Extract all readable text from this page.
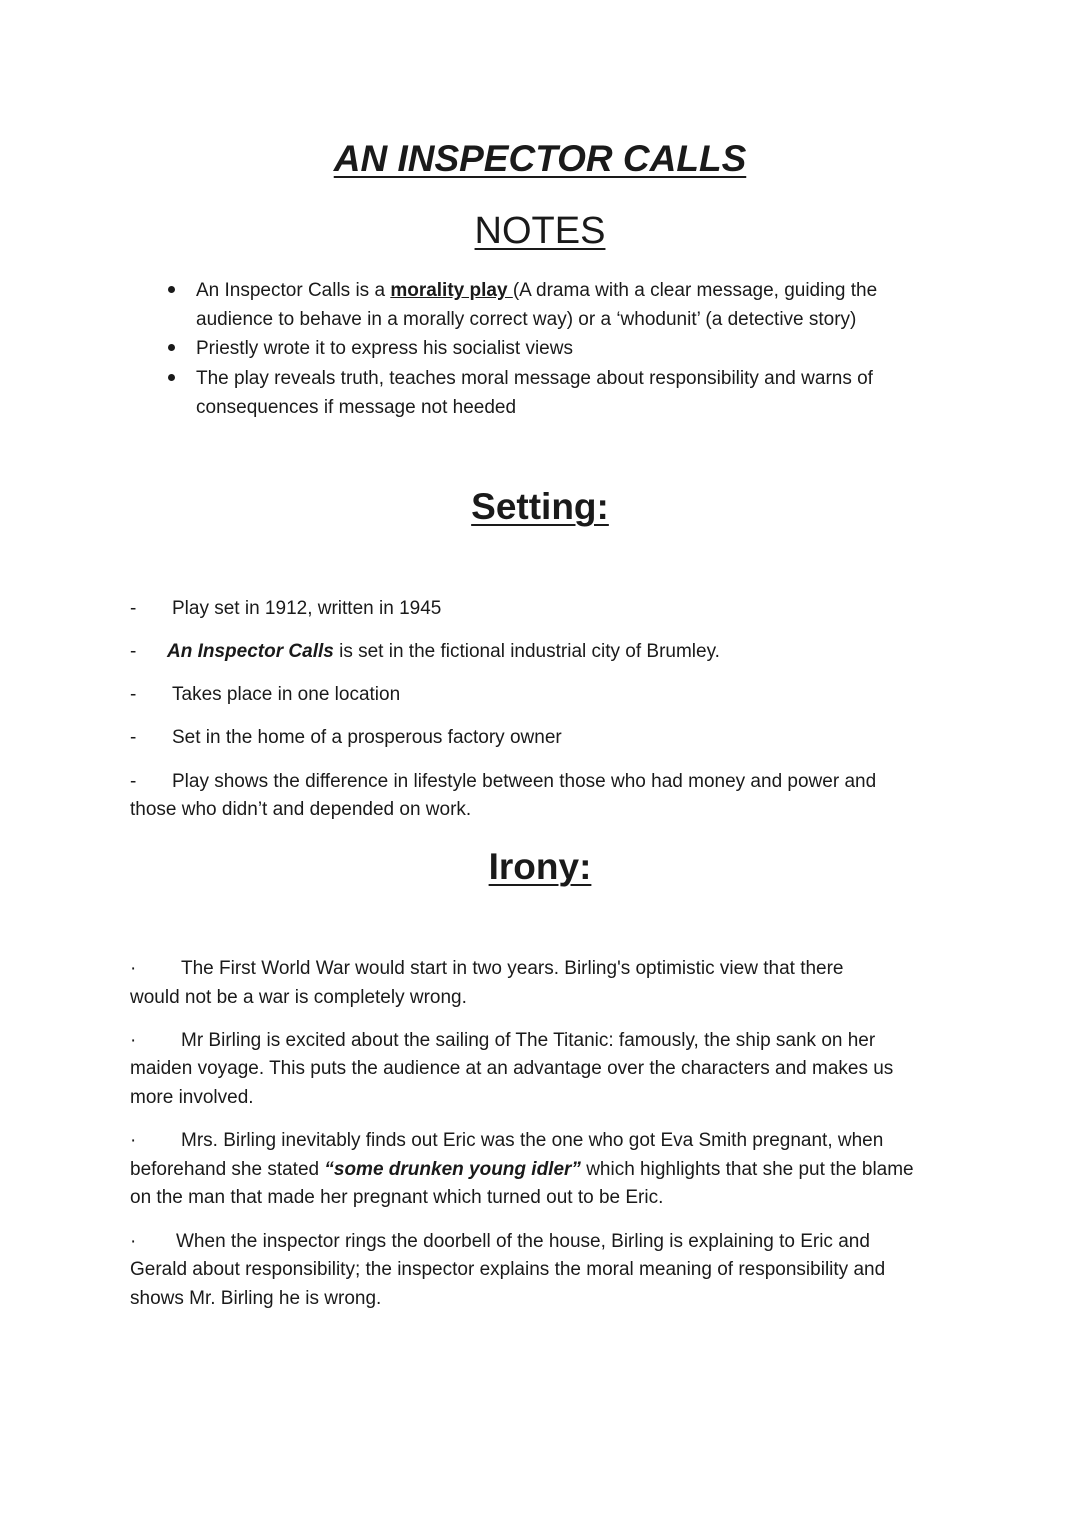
AN INSPECTOR CALLS
NOTES
An Inspector Calls is a morality play (A drama with a clear message, guiding the
audience to behave in a morally correct way) or a ‘whodunit’ (a detective story)
Priestly wrote it to express his socialist views
The play reveals truth, teaches moral message about responsibility and warns of
consequences if message not heeded
Setting:
- Play set in 1912, written in 1945
- An Inspector Calls is set in the fictional industrial city of Brumley.
- Takes place in one location
- Set in the home of a prosperous factory owner
- Play shows the difference in lifestyle between those who had money and power and
those who didn’t and depended on work.
Irony:
· The First World War would start in two years. Birling's optimistic view that there
would not be a war is completely wrong.
· Mr Birling is excited about the sailing of The Titanic: famously, the ship sank on her
maiden voyage. This puts the audience at an advantage over the characters and makes us
more involved.
· Mrs. Birling inevitably finds out Eric was the one who got Eva Smith pregnant, when
beforehand she stated “some drunken young idler” which highlights that she put the blame
on the man that made her pregnant which turned out to be Eric.
· When the inspector rings the doorbell of the house, Birling is explaining to Eric and
Gerald about responsibility; the inspector explains the moral meaning of responsibility and
shows Mr. Birling he is wrong.
